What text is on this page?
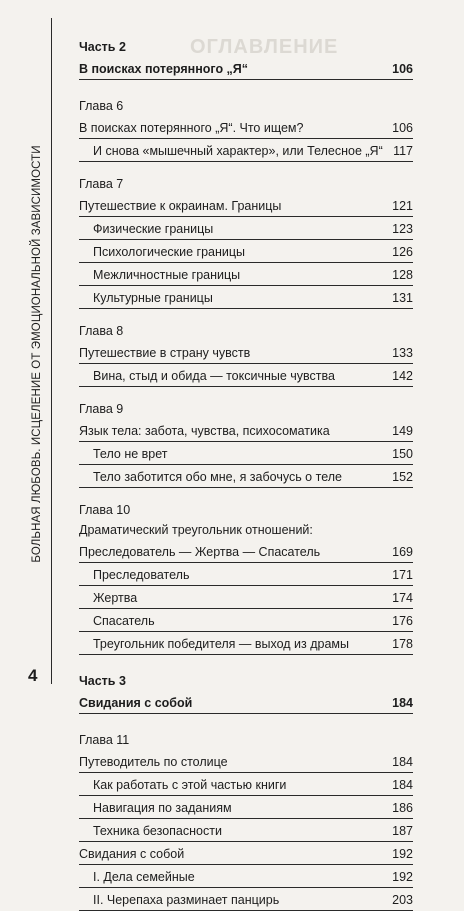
БОЛЬНАЯ ЛЮБОВЬ. ИСЦЕЛЕНИЕ ОТ ЭМОЦИОНАЛЬНОЙ ЗАВИСИМОСТИ
4
ОГЛАВЛЕНИЕ
Часть 2
В поисках потерянного „Я“	106
Глава 6
В поисках потерянного „Я“. Что ищем?	106
И снова «мышечный характер», или Телесное „Я“ 117
Глава 7
Путешествие к окраинам. Границы	121
Физические границы	123
Психологические границы	126
Межличностные границы	128
Культурные границы	131
Глава 8
Путешествие в страну чувств	133
Вина, стыд и обида — токсичные чувства	142
Глава 9
Язык тела: забота, чувства, психосоматика	149
Тело не врет	150
Тело заботится обо мне, я забочусь о теле	152
Глава 10
Драматический треугольник отношений:
Преследователь — Жертва — Спасатель	169
Преследователь	171
Жертва	174
Спасатель	176
Треугольник победителя — выход из драмы	178
Часть 3
Свидания с собой	184
Глава 11
Путеводитель по столице	184
Как работать с этой частью книги	184
Навигация по заданиям	186
Техника безопасности	187
Свидания с собой	192
I. Дела семейные	192
II. Черепаха разминает панцирь	203
